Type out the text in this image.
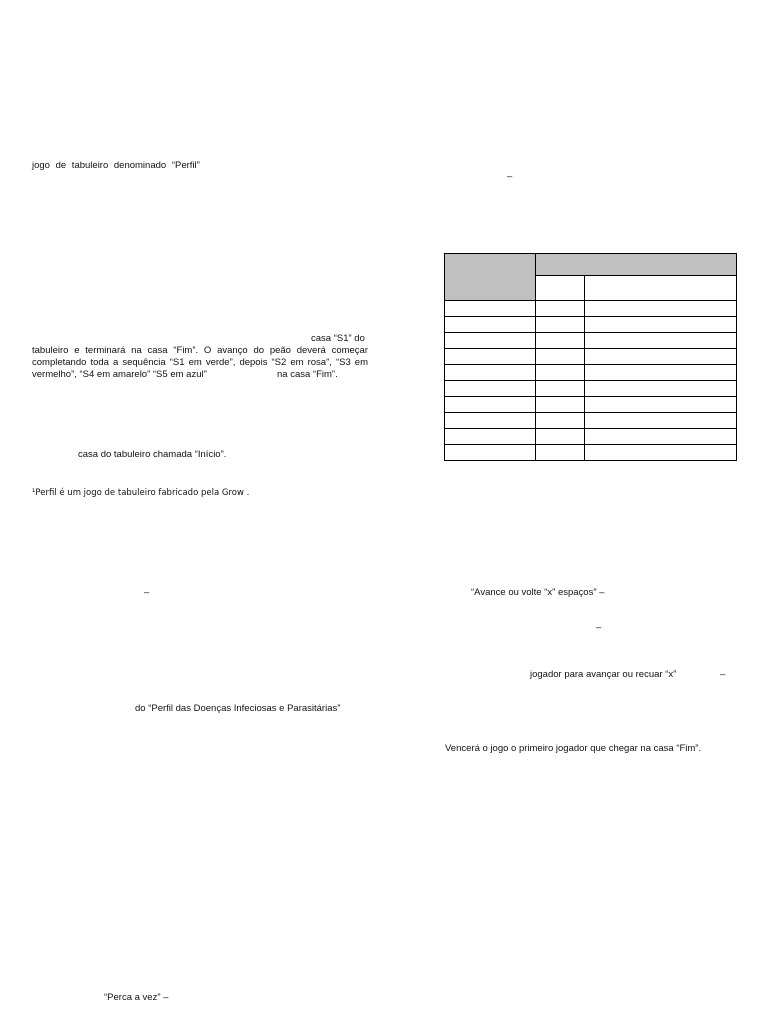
jogo de tabuleiro denominado “Perfil”
casa “S1” do
tabuleiro e terminará na casa “Fim”. O avanço do peão deverá começar
completando toda a sequência “S1 em verde”, depois “S2 em rosa”, “S3 em
vermelho”, “S4 em amarelo” “S5 em azul”	na casa “Fim”.
casa do tabuleiro chamada “Início”.
¹Perfil é um jogo de tabuleiro fabricado pela Grow .
–
do “Perfil das Doenças Infeciosas e Parasitárias”
“Perca a vez” –
–

“Avance ou volte “x” espaços” –
–
jogador para avançar ou recuar “x”	–
Vencerá o jogo o primeiro jogador que chegar na casa “Fim”.
